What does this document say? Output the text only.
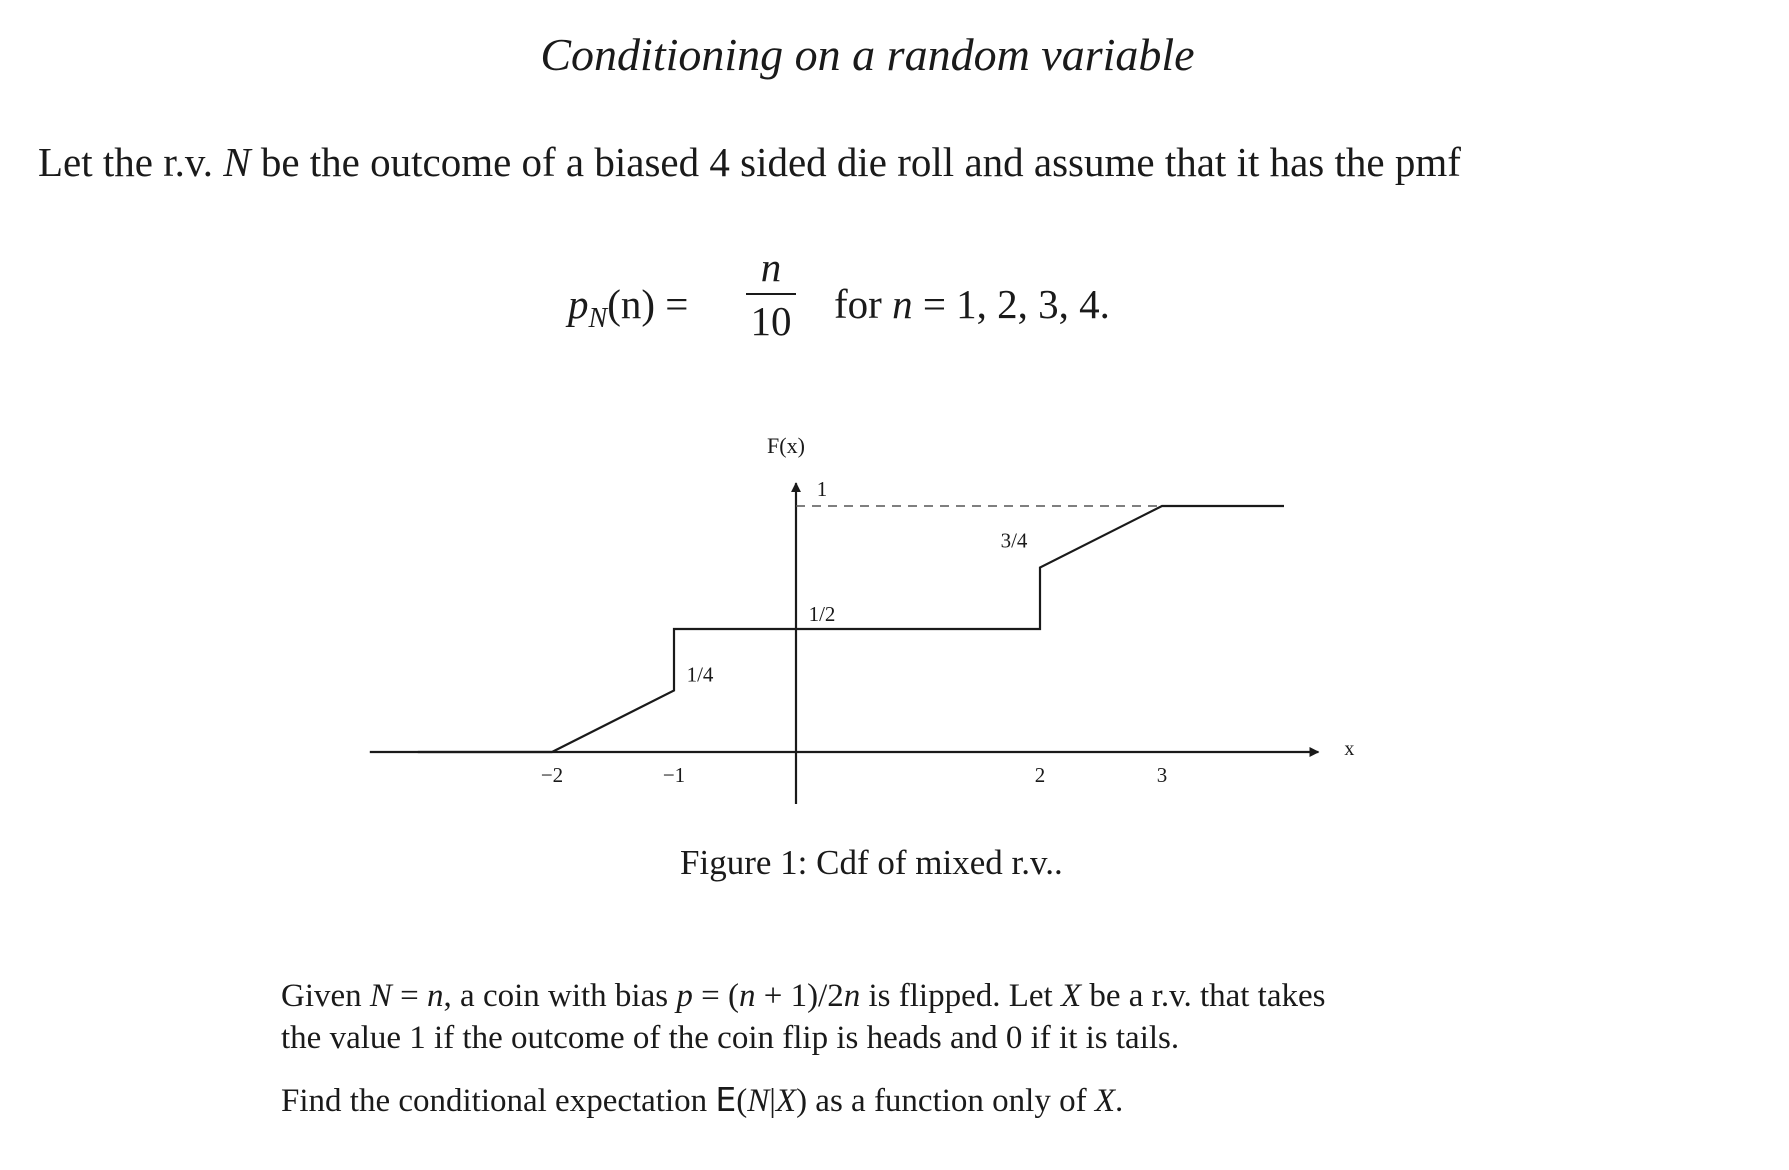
Conditioning on a random variable
Let the r.v. N be the outcome of a biased 4 sided die roll and assume that it has the pmf
$p_N(n)$ =
n
10 for n = 1, 2, 3, 4.
x
F(x)
−2	−1	2	3
1
3/4
1/2
1/4
Figure 1: Cdf of mixed r.v..
Given N = n, a coin with bias p = (n + 1)/2n is flipped. Let X be a r.v. that takes
the value 1 if the outcome of the coin flip is heads and 0 if it is tails.
Find the conditional expectation E(N|X) as a function only of X.
